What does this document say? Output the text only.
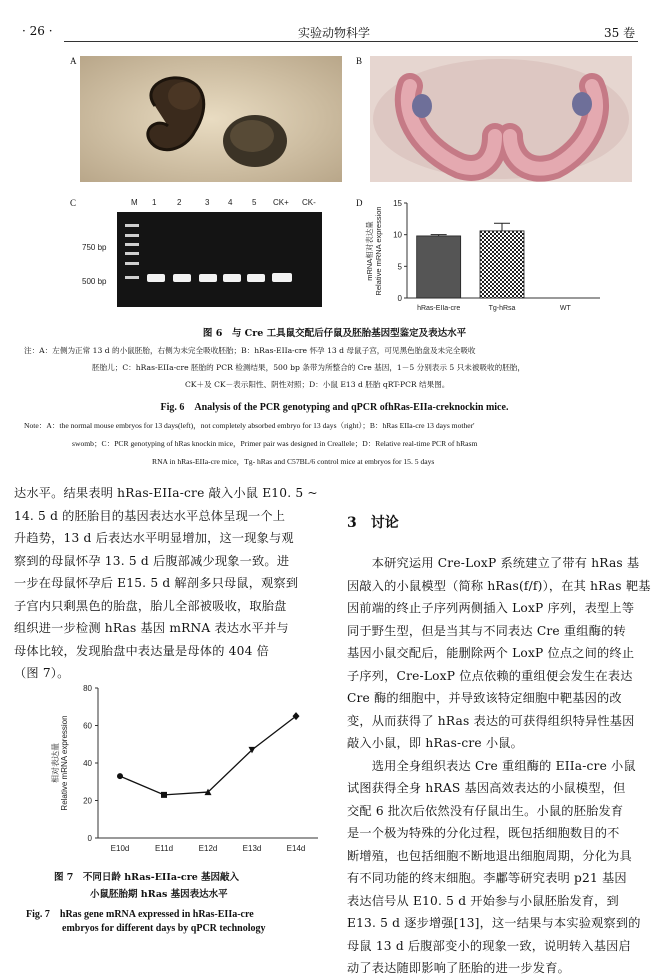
· 26 ·	实验动物科学	35 卷
A	B
C	M 1	2	3 4 5 CK+ CK-
750 bp
500 bp
D
mRNA相对表达量 Relative mRNA expression
0
5
10
15
hRas-EIIa-cre	Tg-hRsa	WT
图 6　与 Cre 工具鼠交配后仔鼠及胚胎基因型鉴定及表达水平
注：A：左侧为正常 13 d 的小鼠胚胎，右侧为未完全吸收胚胎；B：hRas-EIIa-cre 怀孕 13 d 母鼠子宫，可见黑色胎盘及未完全吸收
胚胎儿；C：hRas-EIIa-cre 胚胎的 PCR 检测结果，500 bp 条带为所整合的 Cre 基因，1－5 分别表示 5 只未被吸收的胚胎，
CK＋及 CK－表示阳性、阴性对照；D：小鼠 E13 d 胚胎 qRT-PCR 结果图。
Fig. 6　Analysis of the PCR genotyping and qPCR ofhRas-EIIa-creknockin mice.
Note：A：the normal mouse embryos for 13 days(left)，not completely absorbed embryo for 13 days（right）；B：hRas EIIa-cre 13 days mother'
swomb；C：PCR genotyping of hRas knockin mice，Primer pair was designed in Creallele；D：Relative real-time PCR of hRasm
RNA in hRas-EIIa-cre mice，Tg- hRas and C57BL/6 control mice at embryos for 15. 5 days

达水平。结果表明 hRas-EIIa-cre 敲入小鼠 E10. 5 ~

14. 5 d 的胚胎目的基因表达水平总体呈现一个上

升趋势，13 d 后表达水平明显增加，这一现象与观

察到的母鼠怀孕 13. 5 d 后腹部减少现象一致。进

一步在母鼠怀孕后 E15. 5 d 解剖多只母鼠，观察到

子宫内只剩黑色的胎盘，胎儿全部被吸收，取胎盘

组织进一步检测 hRas 基因 mRNA 表达水平并与

母体比较，发现胎盘中表达量是母体的 404 倍

（图 7）。

相对表达量 Relative mRNA expression
0
20
40
60
80
E10d	E11d	E12d	E13d	E14d
图 7　不同日龄 hRas-EIIa-cre 基因敲入
小鼠胚胎期 hRas 基因表达水平
Fig. 7　hRas gene mRNA expressed in hRas-EIIa-cre
embryos for different days by qPCR technology
3　讨论

　　本研究运用 Cre-LoxP 系统建立了带有 hRas 基

因敲入的小鼠模型（简称 hRas(f/f)），在其 hRas 靶基

因前端的终止子序列两侧插入 LoxP 序列，表型上等

同于野生型，但是当其与不同表达 Cre 重组酶的转

基因小鼠交配后，能删除两个 LoxP 位点之间的终止

子序列，Cre-LoxP 位点依赖的重组便会发生在表达

Cre 酶的细胞中，并导致该特定细胞中靶基因的改

变，从而获得了 hRas 表达的可获得组织特异性基因

敲入小鼠，即 hRas-cre 小鼠。

　　选用全身组织表达 Cre 重组酶的 EIIa-cre 小鼠

试图获得全身 hRAS 基因高效表达的小鼠模型，但

交配 6 批次后依然没有仔鼠出生。小鼠的胚胎发育

是一个极为特殊的分化过程，既包括细胞数目的不

断增殖，也包括细胞不断地退出细胞周期，分化为具

有不同功能的终末细胞。李鄘等研究表明 p21 基因

表达信号从 E10. 5 d 开始参与小鼠胚胎发育，到

E13. 5 d 逐步增强[13]，这一结果与本实验观察到的

母鼠 13 d 后腹部变小的现象一致，说明转入基因启

动了表达随即影响了胚胎的进一步发育。
